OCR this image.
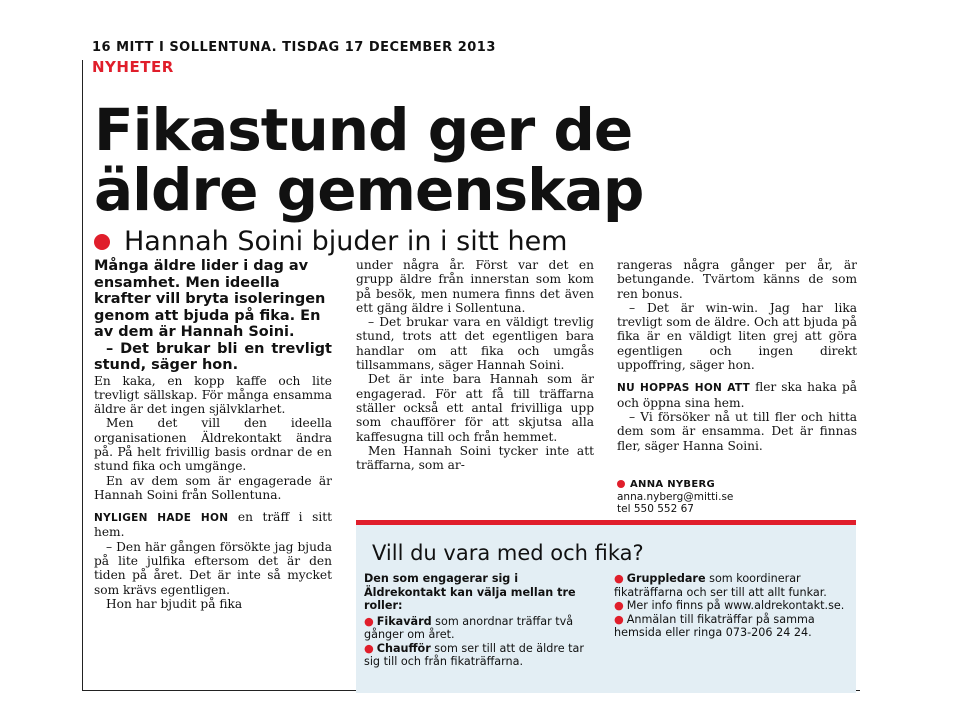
16 MITT I SOLLENTUNA. TISDAG 17 DECEMBER 2013
NYHETER
Fikastund ger de
äldre gemenskap
Hannah Soini bjuder in i sitt hem

Många äldre lider i dag av ensamhet. Men ideella krafter vill bryta isoleringen genom att bjuda på fika. En av dem är Hannah Soini.

– Det brukar bli en trevligt stund, säger hon.

En kaka, en kopp kaffe och lite trevligt sällskap. För många ensamma äldre är det ingen självklarhet.

Men det vill den ideella organisationen Äldrekontakt ändra på. På helt frivillig basis ordnar de en stund fika och umgänge.

En av dem som är engagerade är Hannah Soini från Sollentuna.

NYLIGEN HADE HON en träff i sitt hem.

– Den här gången försökte jag bjuda på lite julfika eftersom det är den tiden på året. Det är inte så mycket som krävs egentligen.

Hon har bjudit på fika

under några år. Först var det en grupp äldre från innerstan som kom på besök, men numera finns det även ett gäng äldre i Sollentuna.

– Det brukar vara en väldigt trevlig stund, trots att det egentligen bara handlar om att fika och umgås tillsammans, säger Hannah Soini.

Det är inte bara Hannah som är engagerad. För att få till träffarna ställer också ett antal frivilliga upp som chaufförer för att skjutsa alla kaffesugna till och från hemmet.

Men Hannah Soini tycker inte att träffarna, som ar-

rangeras några gånger per år, är betungande. Tvärtom känns de som ren bonus.

– Det är win-win. Jag har lika trevligt som de äldre. Och att bjuda på fika är en väldigt liten grej att göra egentligen och ingen direkt uppoffring, säger hon.

NU HOPPAS HON ATT fler ska haka på och öppna sina hem.

– Vi försöker nå ut till fler och hitta dem som är ensamma. Det är finnas fler, säger Hanna Soini.

ANNA NYBERG
anna.nyberg@mitti.se
tel 550 552 67
Vill du vara med och fika?

Den som engagerar sig i Äldrekontakt kan välja mellan tre roller:

● Fikavärd som anordnar träffar två gånger om året.

● Chaufför som ser till att de äldre tar sig till och från fikaträffarna.

● Gruppledare som koordinerar fikaträffarna och ser till att allt funkar.

● Mer info finns på www.aldrekontakt.se.

● Anmälan till fikaträffar på samma hemsida eller ringa 073-206 24 24.
